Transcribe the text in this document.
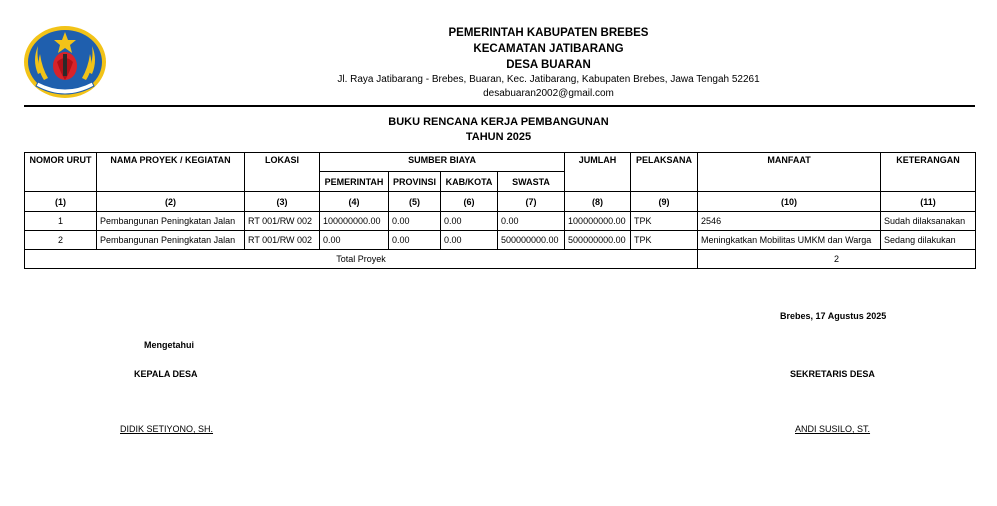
PEMERINTAH KABUPATEN BREBES
KECAMATAN JATIBARANG
DESA BUARAN
Jl. Raya Jatibarang - Brebes, Buaran, Kec. Jatibarang, Kabupaten Brebes, Jawa Tengah 52261
desabuaran2002@gmail.com
BUKU RENCANA KERJA PEMBANGUNAN
TAHUN 2025
NOMOR URUT	NAMA PROYEK / KEGIATAN	LOKASI	SUMBER BIAYA				JUMLAH	PELAKSANA	MANFAAT	KETERANGAN
			PEMERINTAH	PROVINSI	KAB/KOTA	SWASTA				
(1)	(2)	(3)	(4)	(5)	(6)	(7)	(8)	(9)	(10)	(11)
1	Pembangunan Peningkatan Jalan	RT 001/RW 002	100000000.00	0.00	0.00	0.00	100000000.00	TPK	2546	Sudah dilaksanakan
2	Pembangunan Peningkatan Jalan	RT 001/RW 002	0.00	0.00	0.00	500000000.00	500000000.00	TPK	Meningkatkan Mobilitas UMKM dan Warga	Sedang dilakukan
Total Proyek									2	
Brebes, 17 Agustus 2025
Mengetahui
KEPALA DESA	SEKRETARIS DESA
DIDIK SETIYONO, SH.	ANDI SUSILO, ST.
